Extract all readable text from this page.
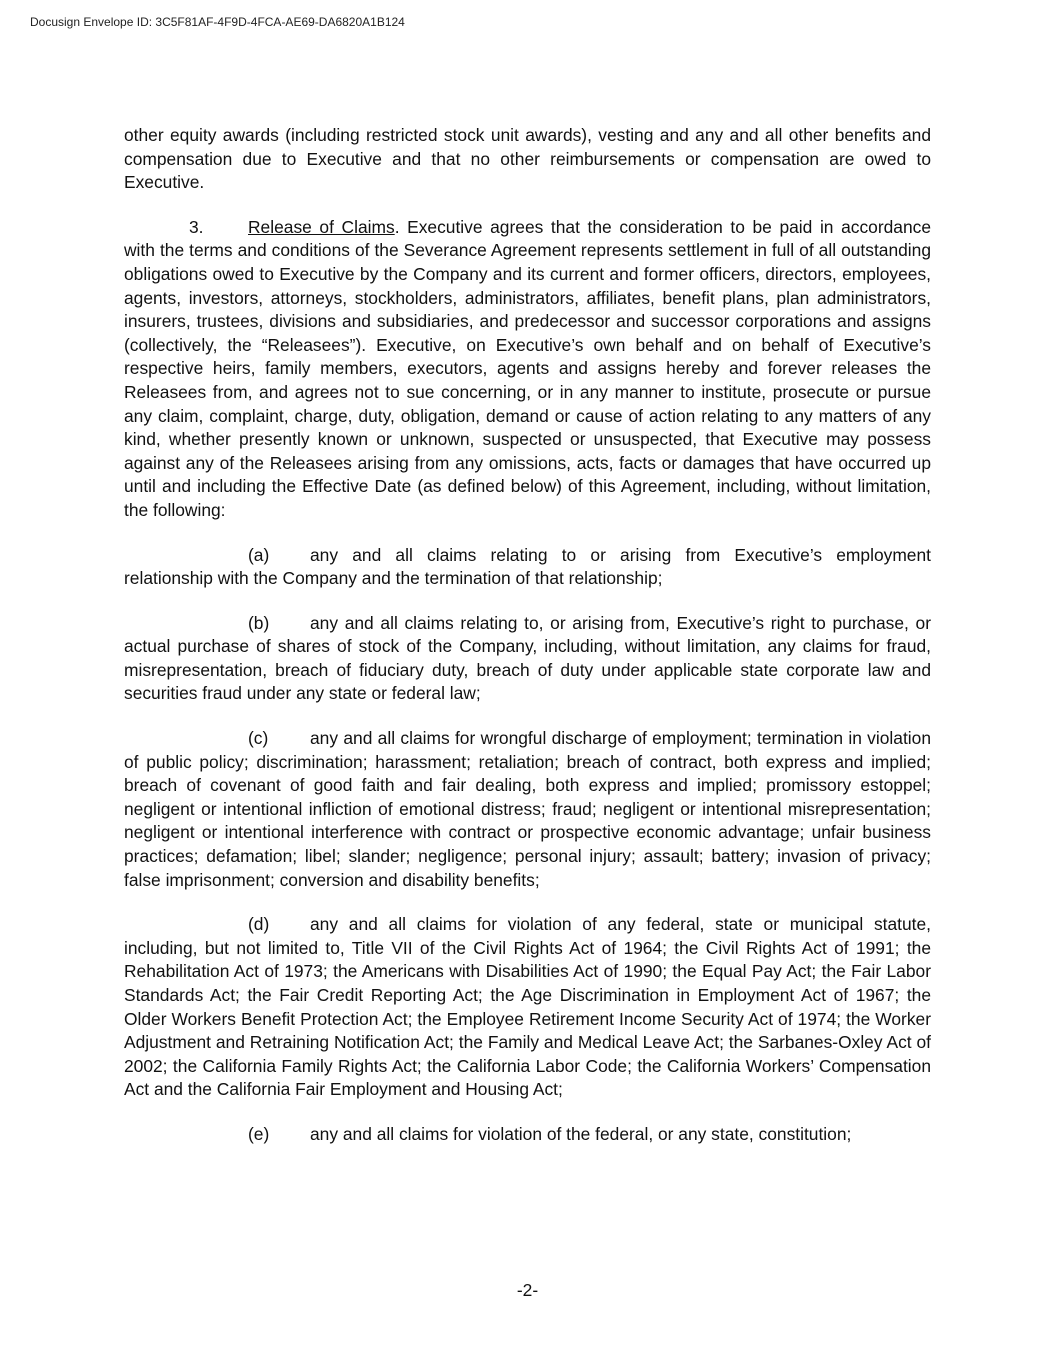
Docusign Envelope ID: 3C5F81AF-4F9D-4FCA-AE69-DA6820A1B124

other equity awards (including restricted stock unit awards), vesting and any and all other benefits and compensation due to Executive and that no other reimbursements or compensation are owed to Executive.

3.	Release of Claims. Executive agrees that the consideration to be paid in accordance with the terms and conditions of the Severance Agreement represents settlement in full of all outstanding obligations owed to Executive by the Company and its current and former officers, directors, employees, agents, investors, attorneys, stockholders, administrators, affiliates, benefit plans, plan administrators, insurers, trustees, divisions and subsidiaries, and predecessor and successor corporations and assigns (collectively, the “Releasees”). Executive, on Executive’s own behalf and on behalf of Executive’s respective heirs, family members, executors, agents and assigns hereby and forever releases the Releasees from, and agrees not to sue concerning, or in any manner to institute, prosecute or pursue any claim, complaint, charge, duty, obligation, demand or cause of action relating to any matters of any kind, whether presently known or unknown, suspected or unsuspected, that Executive may possess against any of the Releasees arising from any omissions, acts, facts or damages that have occurred up until and including the Effective Date (as defined below) of this Agreement, including, without limitation, the following:

(a) any and all claims relating to or arising from Executive’s employment relationship with the Company and the termination of that relationship;

(b) any and all claims relating to, or arising from, Executive’s right to purchase, or actual purchase of shares of stock of the Company, including, without limitation, any claims for fraud, misrepresentation, breach of fiduciary duty, breach of duty under applicable state corporate law and securities fraud under any state or federal law;

(c) any and all claims for wrongful discharge of employment; termination in violation of public policy; discrimination; harassment; retaliation; breach of contract, both express and implied; breach of covenant of good faith and fair dealing, both express and implied; promissory estoppel; negligent or intentional infliction of emotional distress; fraud; negligent or intentional misrepresentation; negligent or intentional interference with contract or prospective economic advantage; unfair business practices; defamation; libel; slander; negligence; personal injury; assault; battery; invasion of privacy; false imprisonment; conversion and disability benefits;

(d) any and all claims for violation of any federal, state or municipal statute, including, but not limited to, Title VII of the Civil Rights Act of 1964; the Civil Rights Act of 1991; the Rehabilitation Act of 1973; the Americans with Disabilities Act of 1990; the Equal Pay Act; the Fair Labor Standards Act; the Fair Credit Reporting Act; the Age Discrimination in Employment Act of 1967; the Older Workers Benefit Protection Act; the Employee Retirement Income Security Act of 1974; the Worker Adjustment and Retraining Notification Act; the Family and Medical Leave Act; the Sarbanes-Oxley Act of 2002; the California Family Rights Act; the California Labor Code; the California Workers’ Compensation Act and the California Fair Employment and Housing Act;

(e) any and all claims for violation of the federal, or any state, constitution;

-2-
